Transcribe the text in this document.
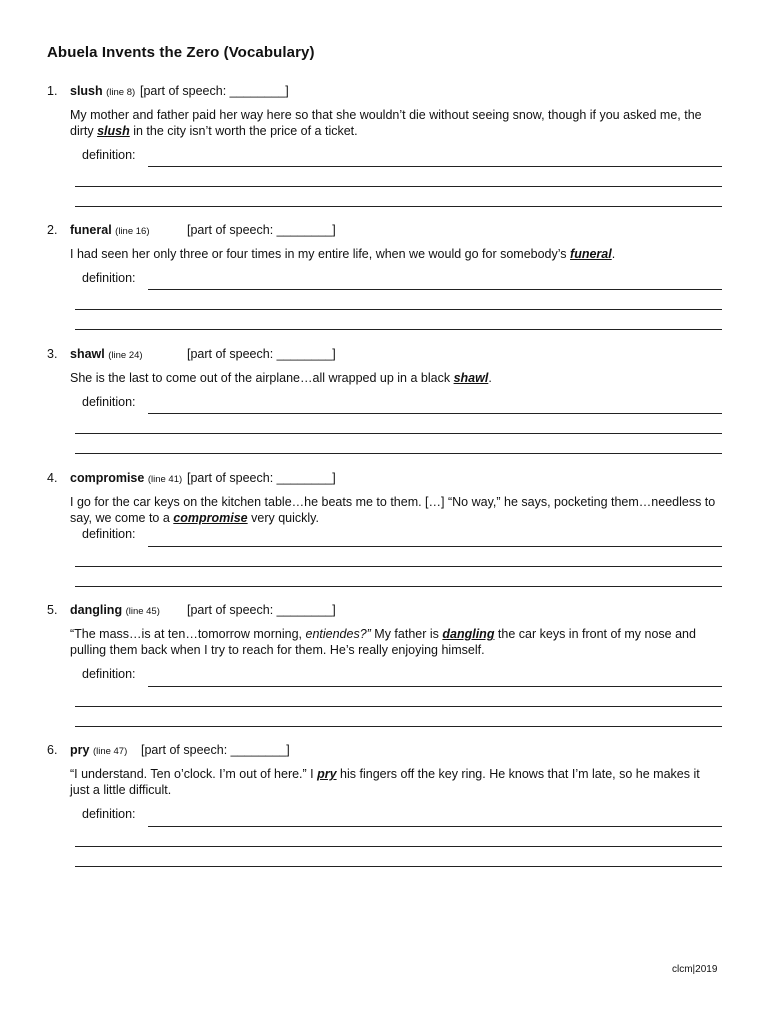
Abuela Invents the Zero (Vocabulary)
1. slush (line 8) [part of speech: ________]
My mother and father paid her way here so that she wouldn’t die without seeing snow, though if you asked me, the dirty slush in the city isn’t worth the price of a ticket.
definition:
2. funeral (line 16)	[part of speech: ________]
I had seen her only three or four times in my entire life, when we would go for somebody’s funeral.
definition:
3. shawl (line 24)	[part of speech: ________]
She is the last to come out of the airplane…all wrapped up in a black shawl.
definition:
4. compromise (line 41) [part of speech: ________]
I go for the car keys on the kitchen table…he beats me to them. […] “No way,” he says, pocketing them…needless to say, we come to a compromise very quickly.
definition:
5. dangling (line 45) [part of speech: ________]
“The mass…is at ten…tomorrow morning, entiendes?” My father is dangling the car keys in front of my nose and pulling them back when I try to reach for them. He’s really enjoying himself.
definition:
6. pry (line 47) [part of speech: ________]
“I understand. Ten o’clock. I’m out of here.” I pry his fingers off the key ring. He knows that I’m late, so he makes it just a little difficult.
definition:
clcm|2019
